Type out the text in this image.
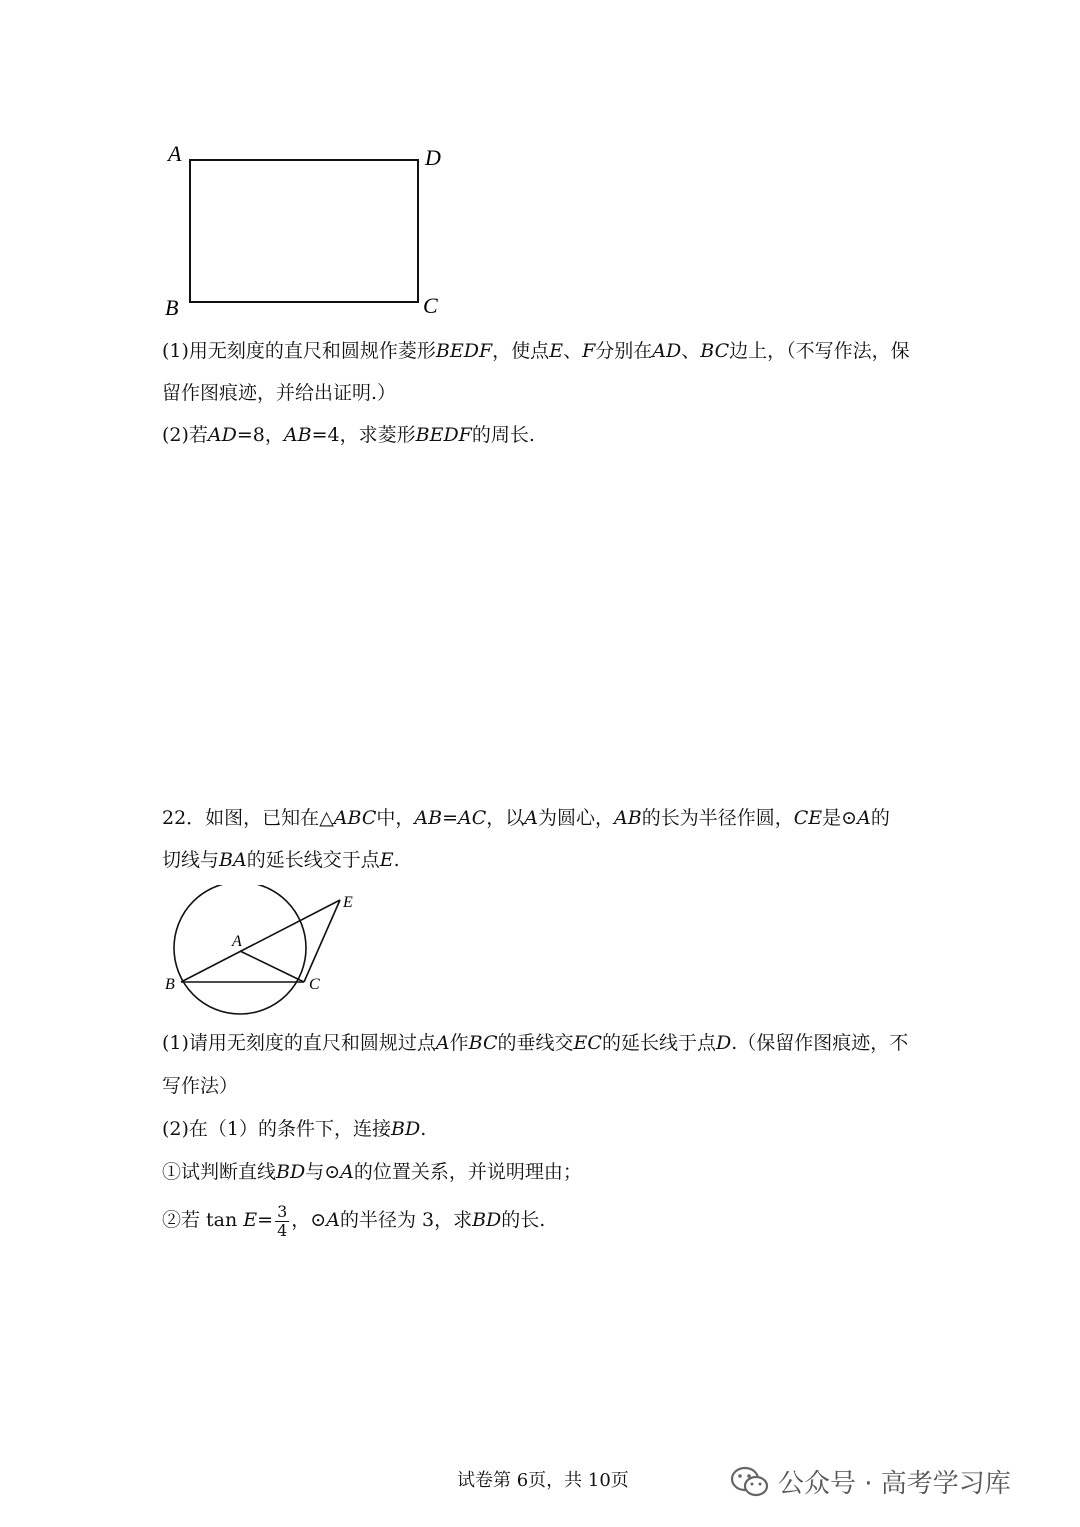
A	D
B	C
(1)用无刻度的直尺和圆规作菱形BEDF，使点E、F分别在AD、BC边上，（不写作法，保
留作图痕迹，并给出证明.）
(2)若AD=8，AB=4，求菱形BEDF的周长.
22．如图，已知在△ABC中，AB=AC，以A为圆心，AB的长为半径作圆，CE是⊙A的
切线与BA的延长线交于点E.
A
B	C
E
(1)请用无刻度的直尺和圆规过点A作BC的垂线交EC的延长线于点D.（保留作图痕迹，不
写作法）
(2)在（1）的条件下，连接BD.
①试判断直线BD与⊙A的位置关系，并说明理由；
②若 $\tan E= \frac{3}{4}$ ，⊙A的半径为 3，求BD的长.
试卷第 6页，共 10页	公众号 · 高考学习库
